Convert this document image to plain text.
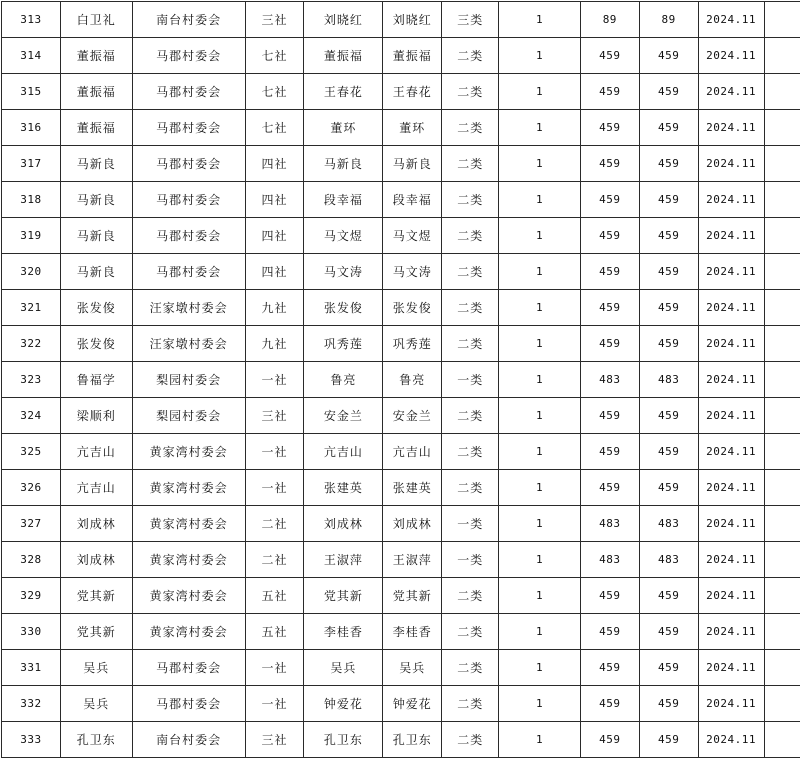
313	白卫礼	南台村委会	三社	刘晓红	刘晓红	三类	1	89	89	2024.11	
314	董振福	马郡村委会	七社	董振福	董振福	二类	1	459	459	2024.11	
315	董振福	马郡村委会	七社	王春花	王春花	二类	1	459	459	2024.11	
316	董振福	马郡村委会	七社	董环	董环	二类	1	459	459	2024.11	
317	马新良	马郡村委会	四社	马新良	马新良	二类	1	459	459	2024.11	
318	马新良	马郡村委会	四社	段幸福	段幸福	二类	1	459	459	2024.11	
319	马新良	马郡村委会	四社	马文煜	马文煜	二类	1	459	459	2024.11	
320	马新良	马郡村委会	四社	马文涛	马文涛	二类	1	459	459	2024.11	
321	张发俊	汪家墩村委会	九社	张发俊	张发俊	二类	1	459	459	2024.11	
322	张发俊	汪家墩村委会	九社	巩秀莲	巩秀莲	二类	1	459	459	2024.11	
323	鲁福学	梨园村委会	一社	鲁亮	鲁亮	一类	1	483	483	2024.11	
324	梁顺利	梨园村委会	三社	安金兰	安金兰	二类	1	459	459	2024.11	
325	亢吉山	黄家湾村委会	一社	亢吉山	亢吉山	二类	1	459	459	2024.11	
326	亢吉山	黄家湾村委会	一社	张建英	张建英	二类	1	459	459	2024.11	
327	刘成林	黄家湾村委会	二社	刘成林	刘成林	一类	1	483	483	2024.11	
328	刘成林	黄家湾村委会	二社	王淑萍	王淑萍	一类	1	483	483	2024.11	
329	党其新	黄家湾村委会	五社	党其新	党其新	二类	1	459	459	2024.11	
330	党其新	黄家湾村委会	五社	李桂香	李桂香	二类	1	459	459	2024.11	
331	吴兵	马郡村委会	一社	吴兵	吴兵	二类	1	459	459	2024.11	
332	吴兵	马郡村委会	一社	钟爱花	钟爱花	二类	1	459	459	2024.11	
333	孔卫东	南台村委会	三社	孔卫东	孔卫东	二类	1	459	459	2024.11	
